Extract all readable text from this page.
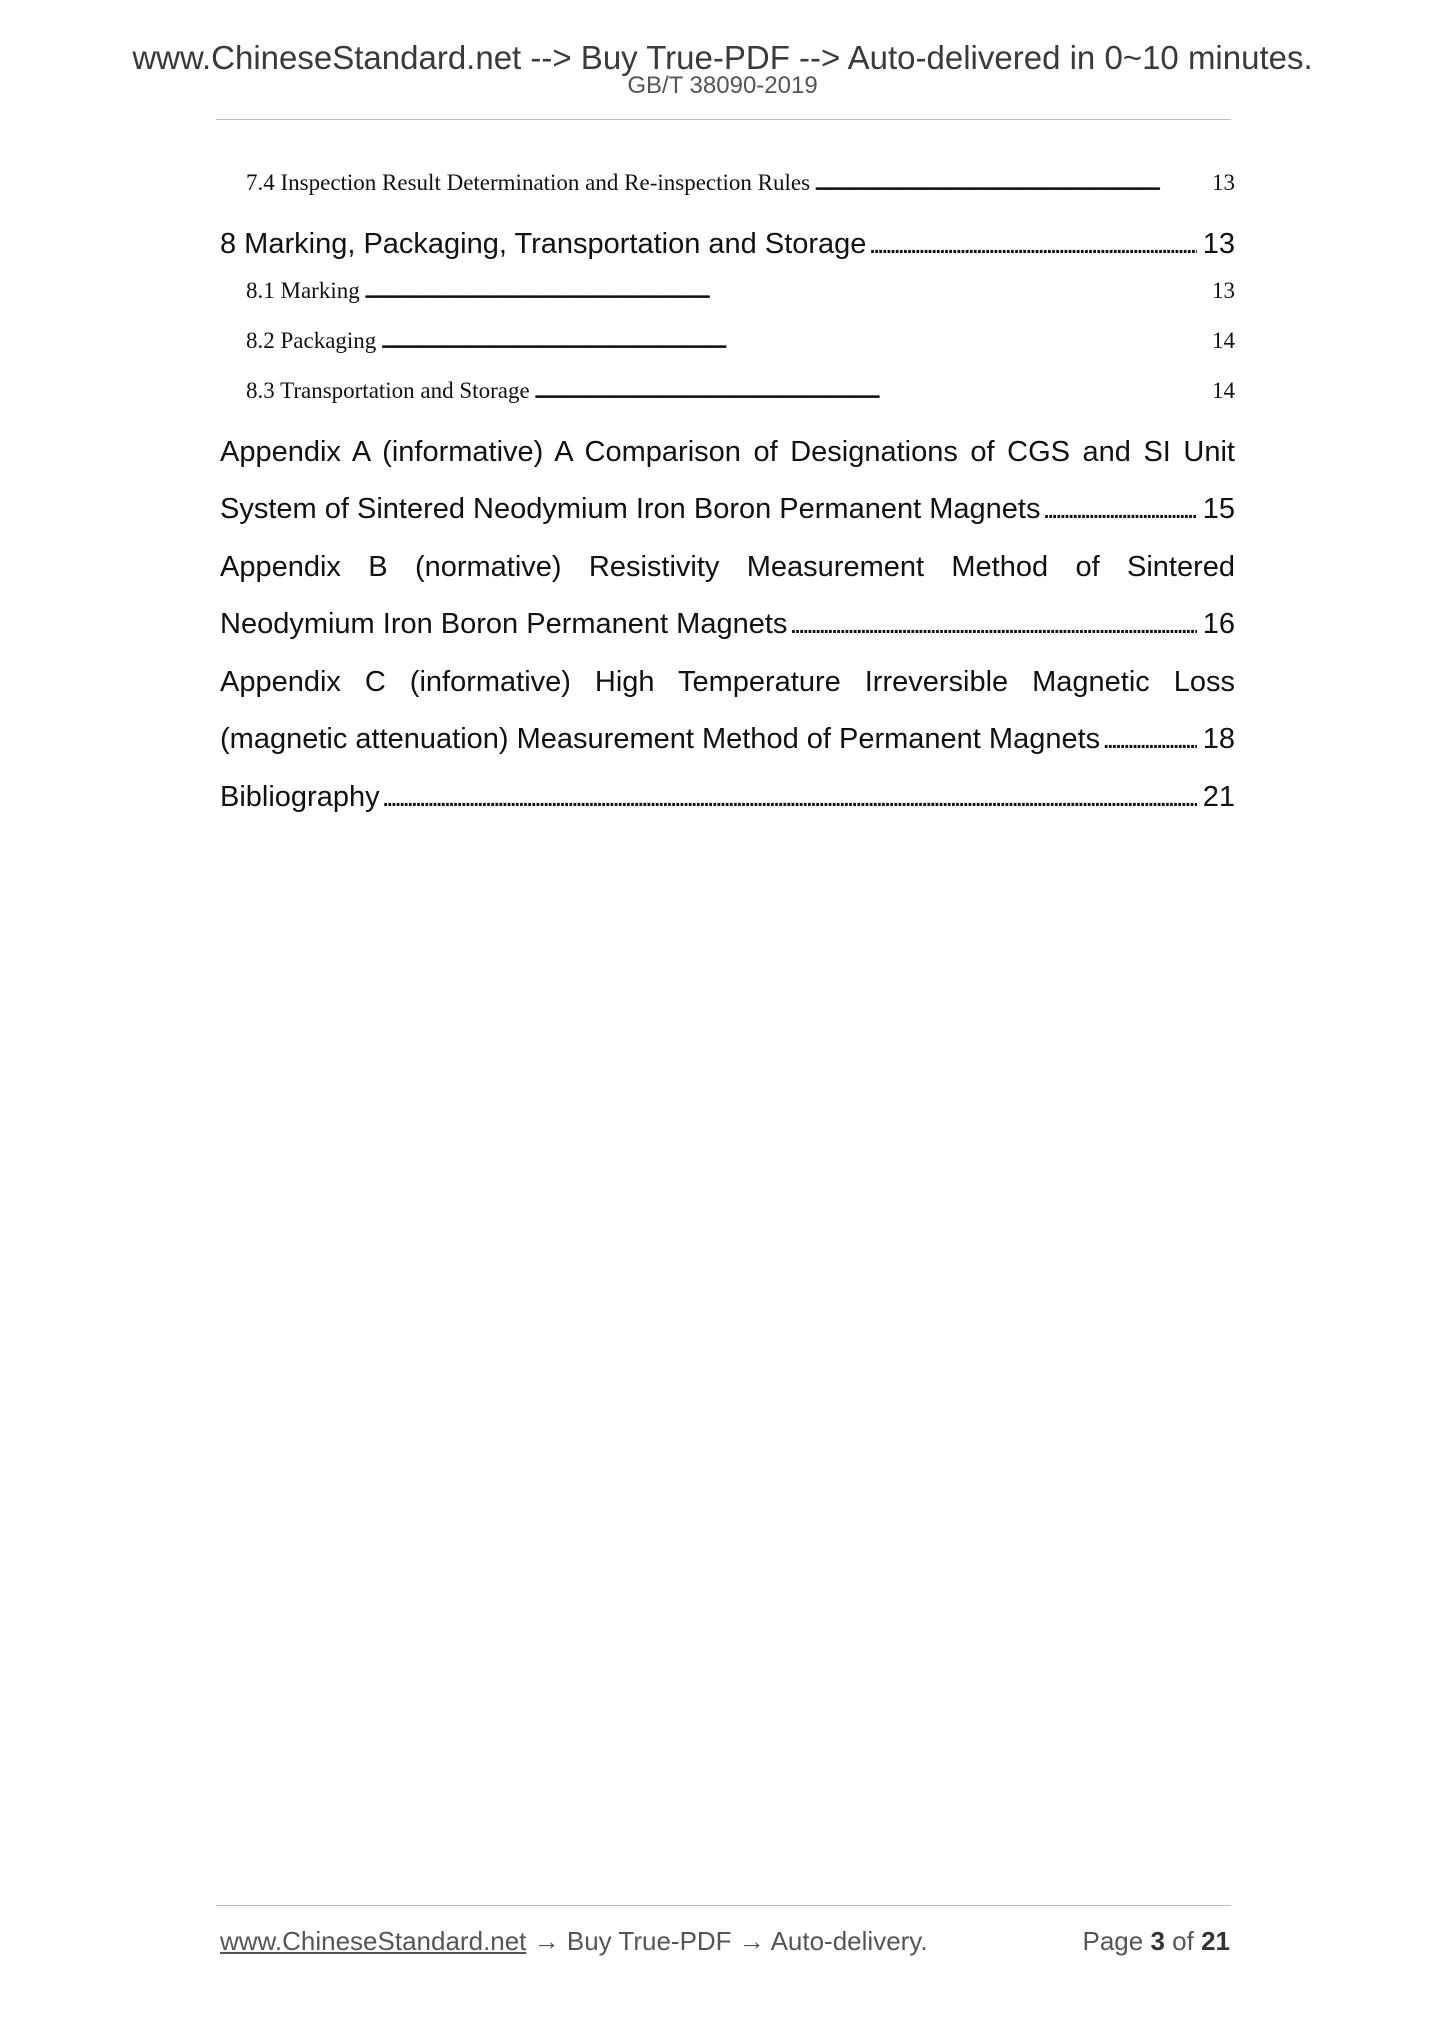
www.ChineseStandard.net --> Buy True-PDF --> Auto-delivered in 0~10 minutes.
GB/T 38090-2019
7.4 Inspection Result Determination and Re-inspection Rules . . .	13
8 Marking, Packaging, Transportation and Storage . . .	13
8.1 Marking . . .	13
8.2 Packaging . . .	14
8.3 Transportation and Storage . . .	14
Appendix A (informative) A Comparison of Designations of CGS and SI Unit
System of Sintered Neodymium Iron Boron Permanent Magnets . . .	15
Appendix B (normative) Resistivity Measurement Method of Sintered
Neodymium Iron Boron Permanent Magnets . . .	16
Appendix C (informative) High Temperature Irreversible Magnetic Loss
(magnetic attenuation) Measurement Method of Permanent Magnets . . .	18
Bibliography . . .	21
www.ChineseStandard.net → Buy True-PDF → Auto-delivery.	Page 3 of 21
